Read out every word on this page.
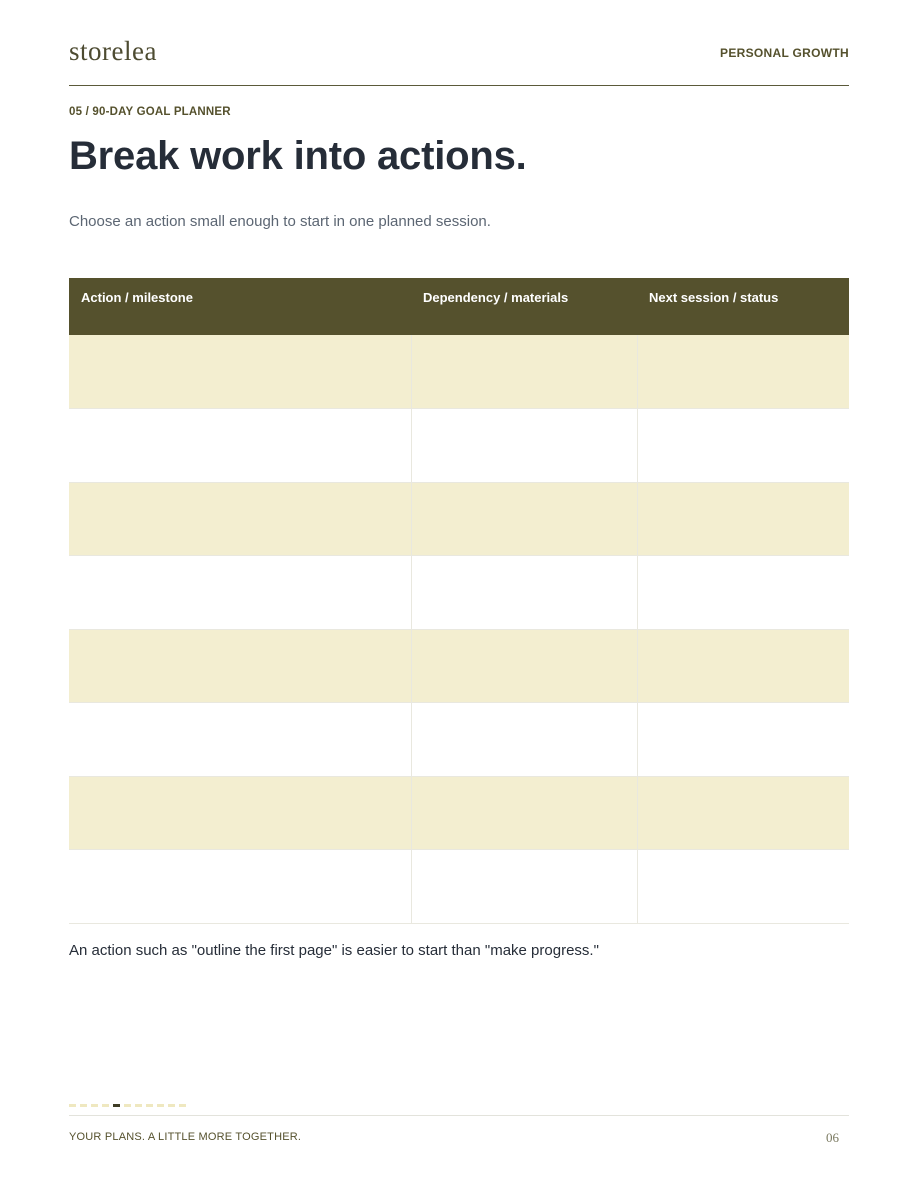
storelea	PERSONAL GROWTH
05 / 90-DAY GOAL PLANNER
Break work into actions.
Choose an action small enough to start in one planned session.
Action / milestone	Dependency / materials	Next session / status

An action such as "outline the first page" is easier to start than "make progress."
YOUR PLANS. A LITTLE MORE TOGETHER.	06
